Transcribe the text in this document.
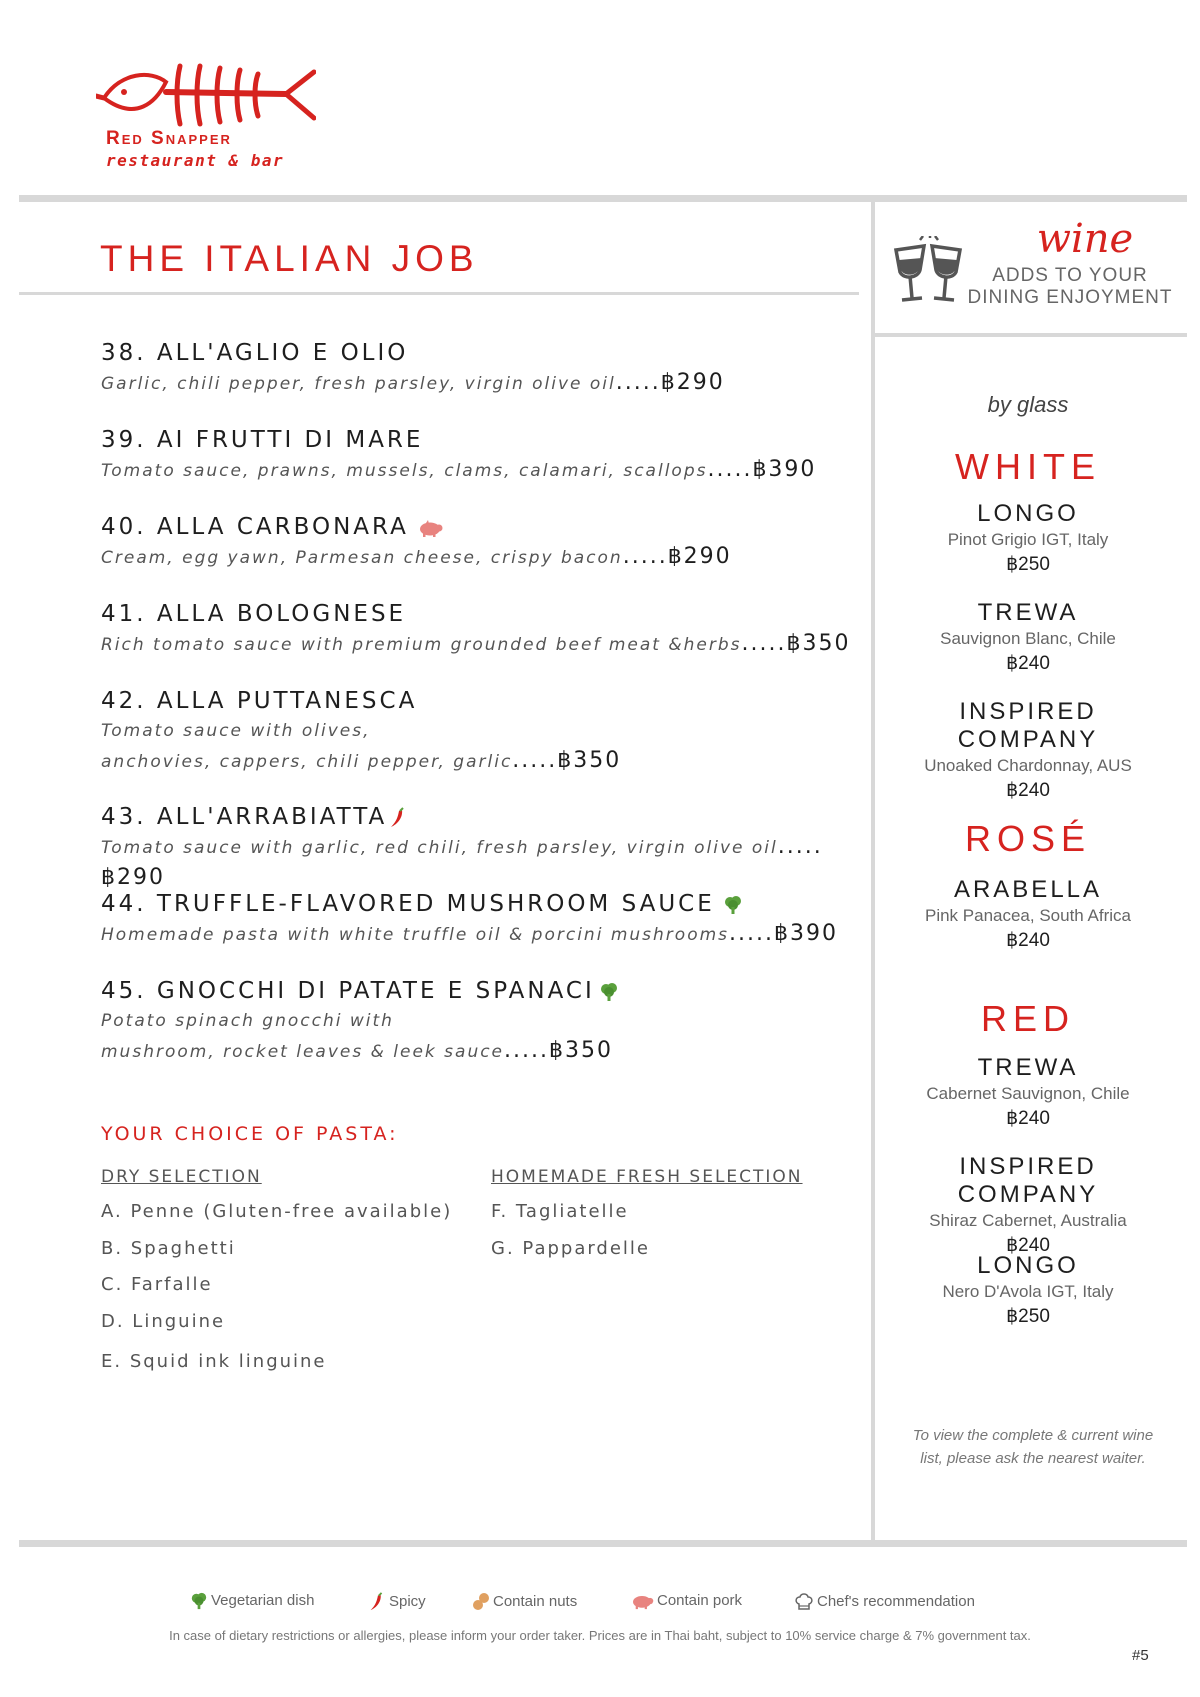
Red Snapper
restaurant & bar
THE ITALIAN JOB
38. ALL'AGLIO E OLIO
Garlic, chili pepper, fresh parsley, virgin olive oil.....฿290
39. AI FRUTTI DI MARE
Tomato sauce, prawns, mussels, clams, calamari, scallops.....฿390
40. ALLA CARBONARA
Cream, egg yawn, Parmesan cheese, crispy bacon.....฿290
41. ALLA BOLOGNESE
Rich tomato sauce with premium grounded beef meat &herbs.....฿350
42. ALLA PUTTANESCA
Tomato sauce with olives,
anchovies, cappers, chili pepper, garlic.....฿350
43. ALL'ARRABIATTA
Tomato sauce with garlic, red chili, fresh parsley, virgin olive oil.....฿290
44. TRUFFLE-FLAVORED MUSHROOM SAUCE
Homemade pasta with white truffle oil & porcini mushrooms.....฿390
45. GNOCCHI DI PATATE E SPANACI
Potato spinach gnocchi with
mushroom, rocket leaves & leek sauce.....฿350
YOUR CHOICE OF PASTA:
DRY SELECTION
A. Penne (Gluten-free available)
B. Spaghetti
C. Farfalle
D. Linguine
E. Squid ink linguine
HOMEMADE FRESH SELECTION
F. Tagliatelle
G. Pappardelle
wine
ADDS TO YOUR
DINING ENJOYMENT
by glass
WHITE
LONGO
Pinot Grigio IGT, Italy
฿250
TREWA
Sauvignon Blanc, Chile
฿240
INSPIRED COMPANY
Unoaked Chardonnay, AUS
฿240
ROSÉ
ARABELLA
Pink Panacea, South Africa
฿240
RED
TREWA
Cabernet Sauvignon, Chile
฿240
INSPIRED COMPANY
Shiraz Cabernet, Australia
฿240
LONGO
Nero D'Avola IGT, Italy
฿250
To view the complete & current wine
list, please ask the nearest waiter.
Vegetarian dish	Spicy	Contain nuts	Contain pork	Chef's recommendation
In case of dietary restrictions or allergies, please inform your order taker. Prices are in Thai baht, subject to 10% service charge & 7% government tax.
#5
